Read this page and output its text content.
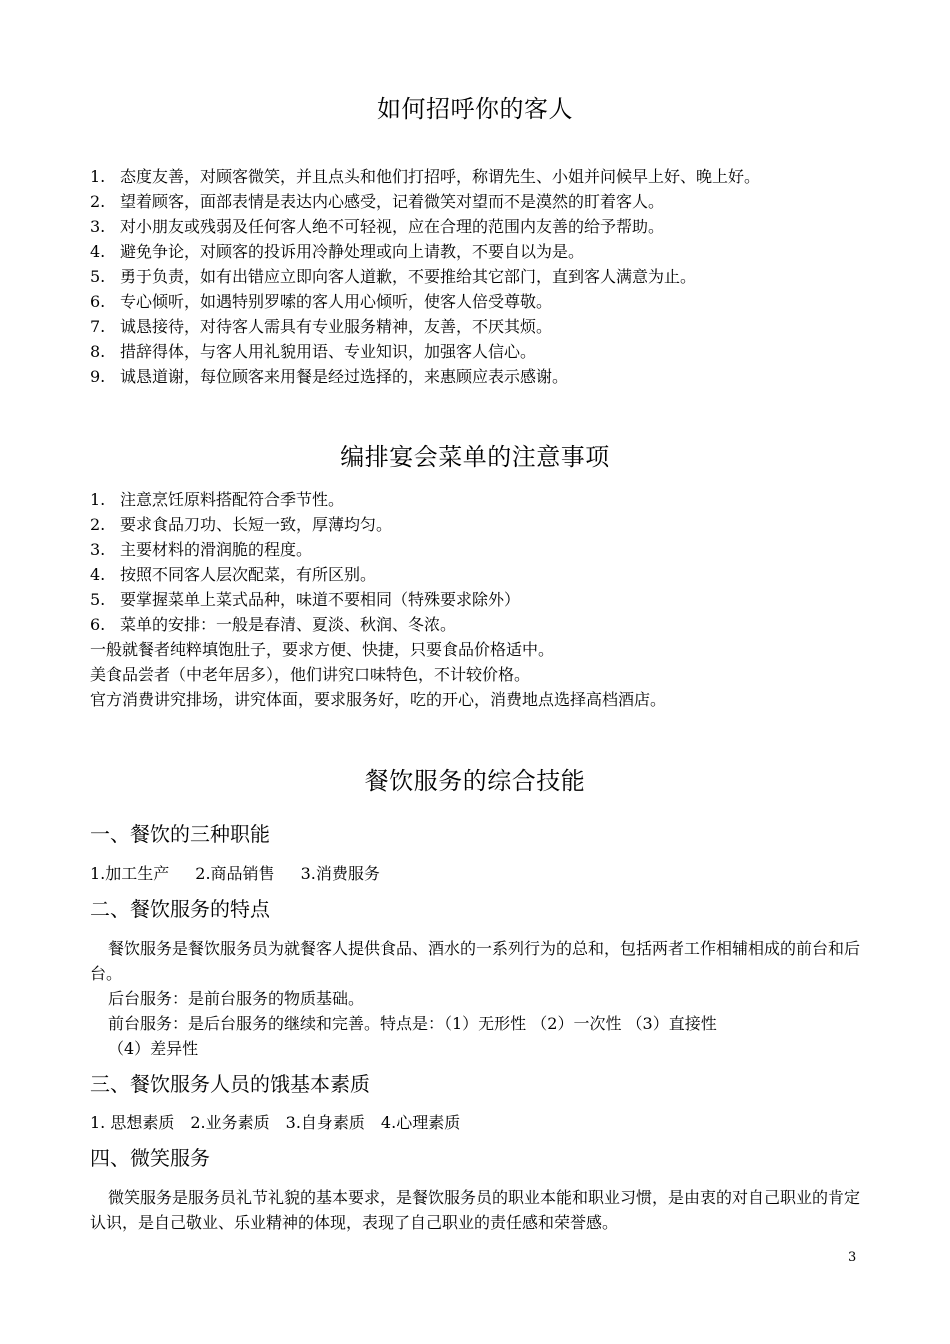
如何招呼你的客人
1. 态度友善，对顾客微笑，并且点头和他们打招呼，称谓先生、小姐并问候早上好、晚上好。
2. 望着顾客，面部表情是表达内心感受，记着微笑对望而不是漠然的盯着客人。
3. 对小朋友或残弱及任何客人绝不可轻视，应在合理的范围内友善的给予帮助。
4. 避免争论，对顾客的投诉用冷静处理或向上请教，不要自以为是。
5. 勇于负责，如有出错应立即向客人道歉，不要推给其它部门，直到客人满意为止。
6. 专心倾听，如遇特别罗嗦的客人用心倾听，使客人倍受尊敬。
7. 诚恳接待，对待客人需具有专业服务精神，友善，不厌其烦。
8. 措辞得体，与客人用礼貌用语、专业知识，加强客人信心。
9. 诚恳道谢，每位顾客来用餐是经过选择的，来惠顾应表示感谢。
编排宴会菜单的注意事项
1. 注意烹饪原料搭配符合季节性。
2. 要求食品刀功、长短一致，厚薄均匀。
3. 主要材料的滑润脆的程度。
4. 按照不同客人层次配菜，有所区别。
5. 要掌握菜单上菜式品种，味道不要相同（特殊要求除外）
6. 菜单的安排：一般是春清、夏淡、秋润、冬浓。
一般就餐者纯粹填饱肚子，要求方便、快捷，只要食品价格适中。
美食品尝者（中老年居多），他们讲究口味特色，不计较价格。
官方消费讲究排场，讲究体面，要求服务好，吃的开心，消费地点选择高档酒店。
餐饮服务的综合技能
一、餐饮的三种职能
1.加工生产 2.商品销售 3.消费服务
二、餐饮服务的特点
餐饮服务是餐饮服务员为就餐客人提供食品、酒水的一系列行为的总和，包括两者工作相辅相成的前台和后台。
后台服务：是前台服务的物质基础。
前台服务：是后台服务的继续和完善。特点是：（1）无形性 （2）一次性 （3）直接性
（4）差异性
三、餐饮服务人员的饿基本素质
1. 思想素质 2.业务素质 3.自身素质 4.心理素质
四、微笑服务
微笑服务是服务员礼节礼貌的基本要求，是餐饮服务员的职业本能和职业习惯，是由衷的对自己职业的肯定认识，是自己敬业、乐业精神的体现，表现了自己职业的责任感和荣誉感。
3
